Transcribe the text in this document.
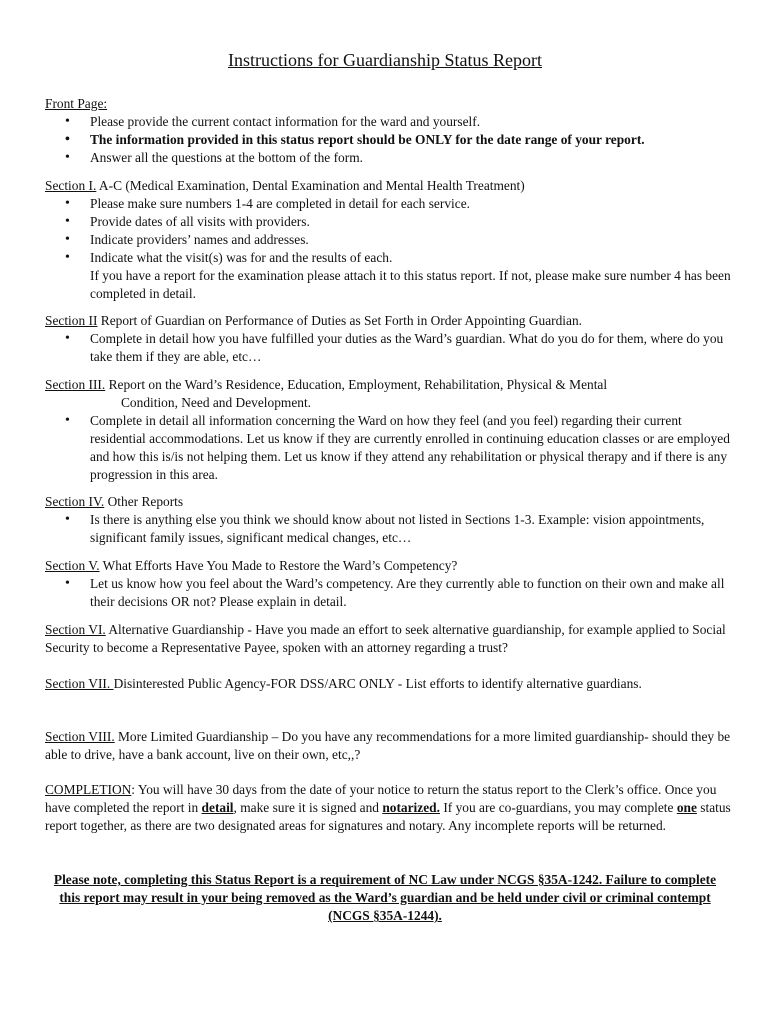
Instructions for Guardianship Status Report
Front Page:
• Please provide the current contact information for the ward and yourself.
• The information provided in this status report should be ONLY for the date range of your report.
• Answer all the questions at the bottom of the form.
Section I. A-C (Medical Examination, Dental Examination and Mental Health Treatment)
• Please make sure numbers 1-4 are completed in detail for each service.
• Provide dates of all visits with providers.
• Indicate providers’ names and addresses.
• Indicate what the visit(s) was for and the results of each.
If you have a report for the examination please attach it to this status report. If not, please make sure number 4 has been completed in detail.
Section II Report of Guardian on Performance of Duties as Set Forth in Order Appointing Guardian.
• Complete in detail how you have fulfilled your duties as the Ward’s guardian. What do you do for them, where do you take them if they are able, etc…
Section III. Report on the Ward’s Residence, Education, Employment, Rehabilitation, Physical & Mental
Condition, Need and Development.
• Complete in detail all information concerning the Ward on how they feel (and you feel) regarding their current residential accommodations. Let us know if they are currently enrolled in continuing education classes or are employed and how this is/is not helping them. Let us know if they attend any rehabilitation or physical therapy and if there is any progression in this area.
Section IV. Other Reports
• Is there is anything else you think we should know about not listed in Sections 1-3. Example: vision appointments, significant family issues, significant medical changes, etc…
Section V. What Efforts Have You Made to Restore the Ward’s Competency?
• Let us know how you feel about the Ward’s competency. Are they currently able to function on their own and make all their decisions OR not? Please explain in detail.
Section VI. Alternative Guardianship - Have you made an effort to seek alternative guardianship, for example applied to Social Security to become a Representative Payee, spoken with an attorney regarding a trust?
Section VII. Disinterested Public Agency-FOR DSS/ARC ONLY - List efforts to identify alternative guardians.
Section VIII. More Limited Guardianship – Do you have any recommendations for a more limited guardianship- should they be able to drive, have a bank account, live on their own, etc,,?
COMPLETION: You will have 30 days from the date of your notice to return the status report to the Clerk’s office. Once you have completed the report in detail, make sure it is signed and notarized. If you are co-guardians, you may complete one status report together, as there are two designated areas for signatures and notary. Any incomplete reports will be returned.
Please note, completing this Status Report is a requirement of NC Law under NCGS §35A-1242. Failure to complete this report may result in your being removed as the Ward’s guardian and be held under civil or criminal contempt (NCGS §35A-1244).
